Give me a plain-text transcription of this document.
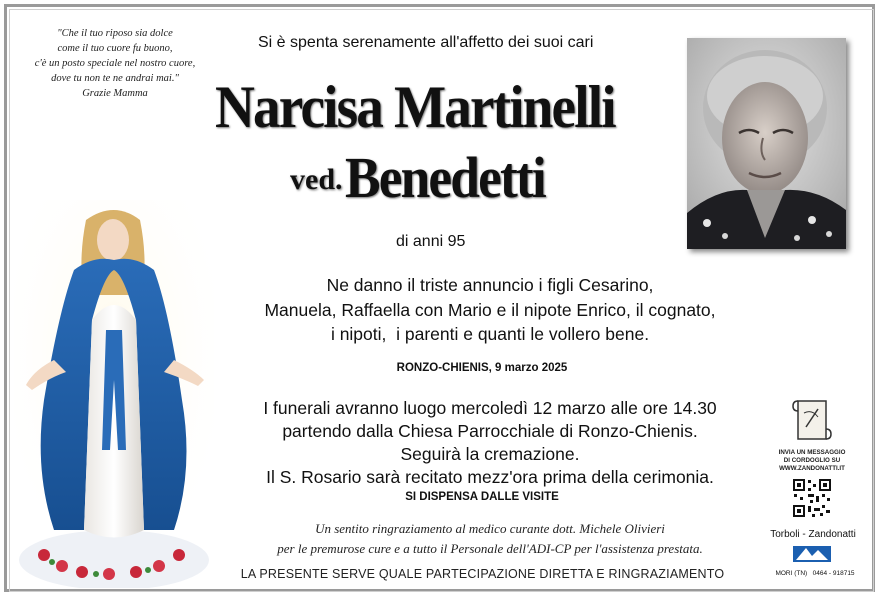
"Che il tuo riposo sia dolce
come il tuo cuore fu buono,
c'è un posto speciale nel nostro cuore,
dove tu non te ne andrai mai."
Grazie Mamma
Si è spenta serenamente all'affetto dei suoi cari
Narcisa Martinelli
ved. Benedetti
di anni 95
Ne danno il triste annuncio i figli Cesarino,
Manuela, Raffaella con Mario e il nipote Enrico, il cognato,
i nipoti,  i parenti e quanti le vollero bene.
RONZO-CHIENIS, 9 marzo 2025
I funerali avranno luogo mercoledì 12 marzo alle ore 14.30
partendo dalla Chiesa Parrocchiale di Ronzo-Chienis.
Seguirà la cremazione.
Il S. Rosario sarà recitato mezz'ora prima della cerimonia.
SI DISPENSA DALLE VISITE
Un sentito ringraziamento al medico curante dott. Michele Olivieri
per le premurose cure e a tutto il Personale dell'ADI-CP per l'assistenza prestata.
LA PRESENTE SERVE QUALE PARTECIPAZIONE DIRETTA E RINGRAZIAMENTO
INVIA UN MESSAGGIO
DI CORDOGLIO SU
WWW.ZANDONATTI.IT
Torboli - Zandonatti
MORI (TN)   0464 - 918715
